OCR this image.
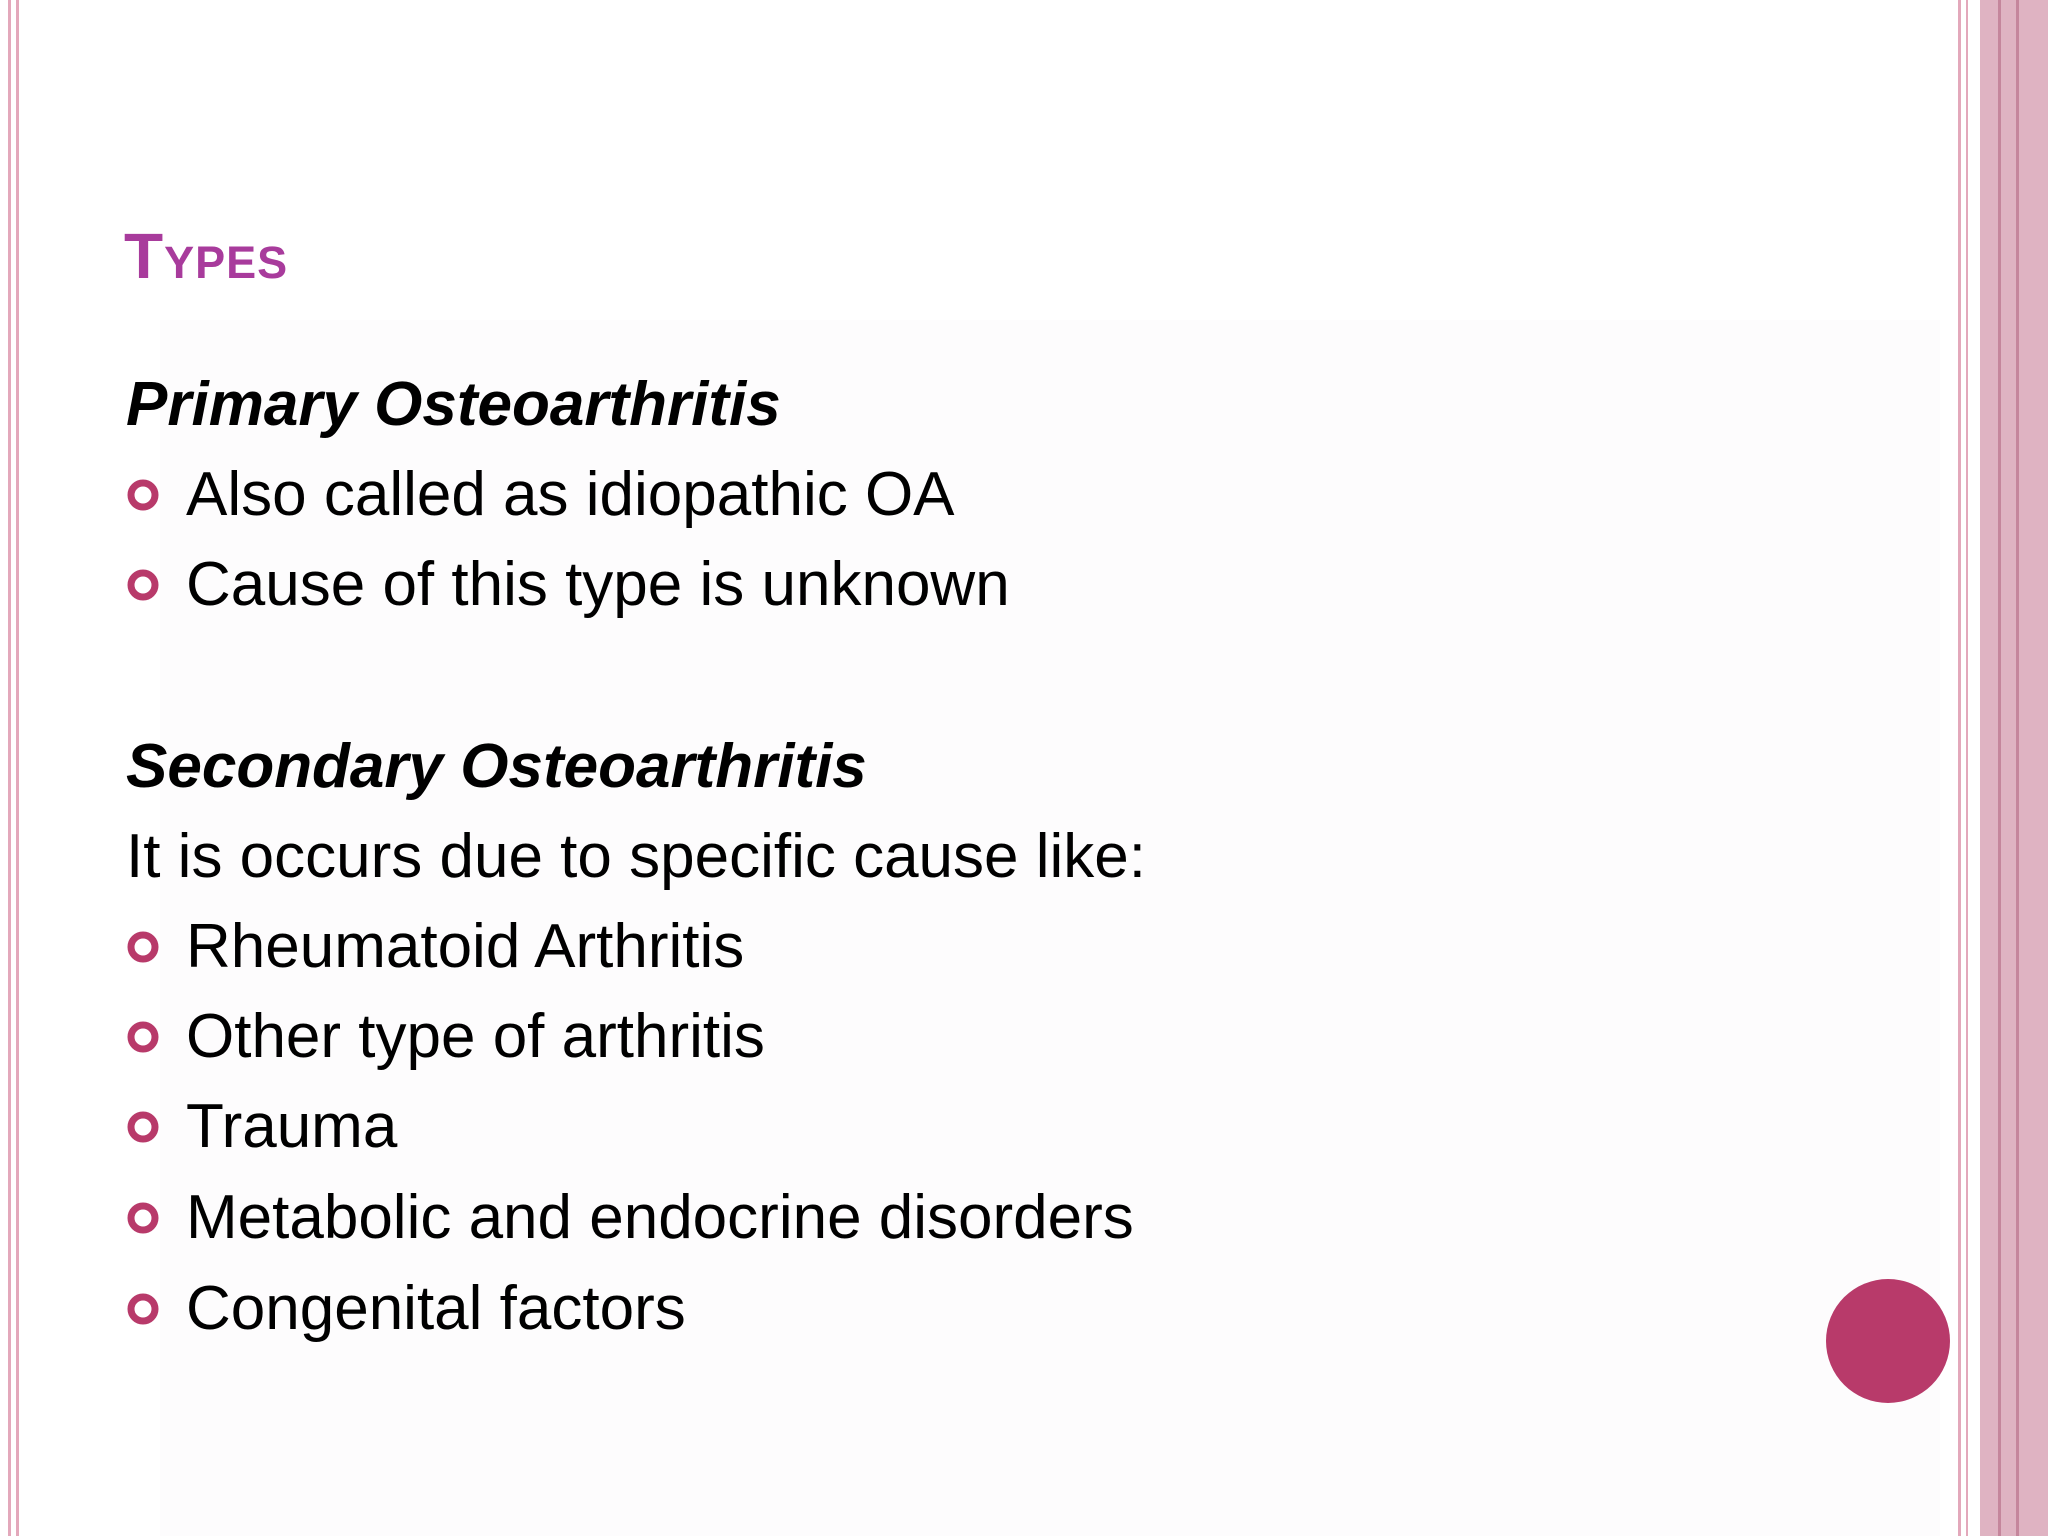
Types
Primary Osteoarthritis
Also called as idiopathic OA
Cause of this type is unknown
Secondary Osteoarthritis
It is occurs due to specific cause like:
Rheumatoid Arthritis
Other type of arthritis
Trauma
Metabolic and endocrine disorders
Congenital factors
